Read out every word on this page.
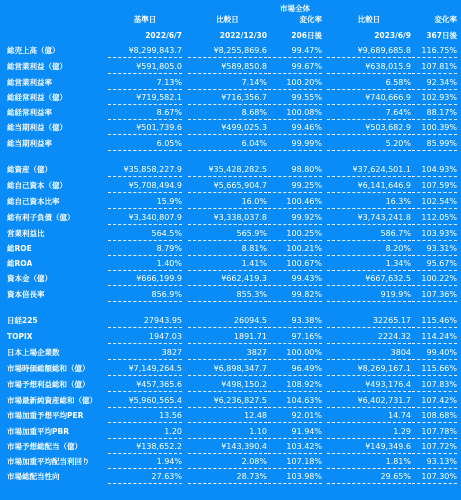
市場全体
基準日	比較日	変化率	比較日	変化率
2022/6/7	2022/12/30	206日後	2023/6/9	367日後
総売上高（億）	¥8,299,843.7	¥8,255,869.6	99.47%	¥9,689,685.8	116.75%
総営業利益（億）	¥591,805.0	¥589,850.8	99.67%	¥638,015.9	107.81%
総営業利益率	7.13%	7.14%	100.20%	6.58%	92.34%
総経常利益（億）	¥719,582.1	¥716,356.7	99.55%	¥740,666.9	102.93%
総経常利益率	8.67%	8.68%	100.08%	7.64%	88.17%
総当期利益（億）	¥501,739.6	¥499,025.3	99.46%	¥503,682.9	100.39%
総当期利益率	6.05%	6.04%	99.99%	5.20%	85.99%
総資産（億）	¥35,858,227.9	¥35,428,282.5	98.80%	¥37,624,501.1	104.93%
総自己資本（億）	¥5,708,494.9	¥5,665,904.7	99.25%	¥6,141,646.9	107.59%
総自己資本比率	15.9%	16.0%	100.46%	16.3%	102.54%
総有利子負債（億）	¥3,340,807.9	¥3,338,037.8	99.92%	¥3,743,241.8	112.05%
営業利益比	564.5%	565.9%	100.25%	586.7%	103.93%
総ROE	8.79%	8.81%	100.21%	8.20%	93.31%
総ROA	1.40%	1.41%	100.67%	1.34%	95.67%
資本金（億）	¥666,199.9	¥662,419.3	99.43%	¥667,632.5	100.22%
資本倍長率	856.9%	855.3%	99.82%	919.9%	107.36%
日経225	27943.95	26094.5	93.38%	32265.17	115.46%
TOPIX	1947.03	1891.71	97.16%	2224.32	114.24%
日本上場企業数	3827	3827	100.00%	3804	99.40%
市場時価総額総和（億）	¥7,149,264.5	¥6,898,347.7	96.49%	¥8,269,167.1	115.66%
市場予想利益総和（億）	¥457,365.6	¥498,150.2	108.92%	¥493,176.4	107.83%
市場最新純資産総和（億）	¥5,960,565.4	¥6,236,827.5	104.63%	¥6,402,731.7	107.42%
市場加重予想平均PER	13.56	12.48	92.01%	14.74	108.68%
市場加重平均PBR	1.20	1.10	91.94%	1.29	107.78%
市場予想総配当（億）	¥138,652.2	¥143,390.4	103.42%	¥149,349.6	107.72%
市場加重平均配当利回り	1.94%	2.08%	107.18%	1.81%	93.13%
市場総配当性向	27.63%	28.73%	103.98%	29.65%	107.30%
